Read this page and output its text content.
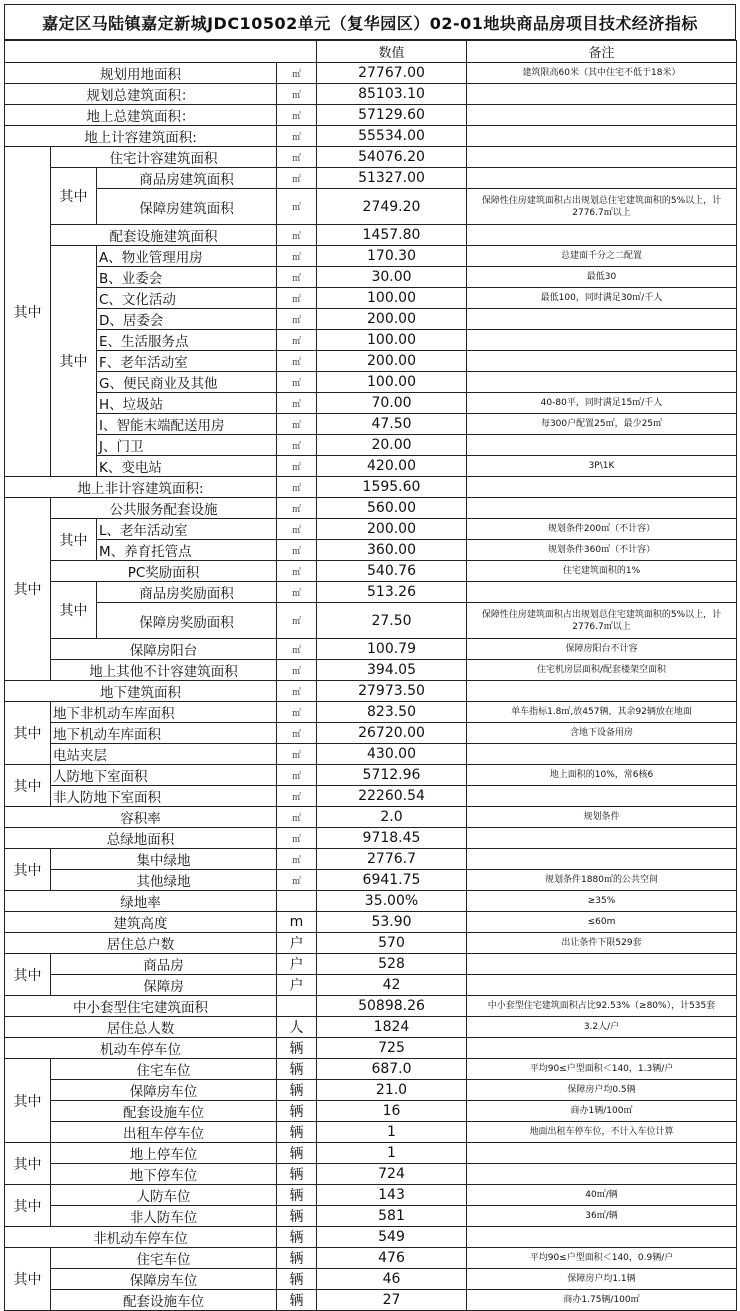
嘉定区马陆镇嘉定新城JDC10502单元（复华园区）02-01地块商品房项目技术经济指标
				数值	备注
规划用地面积			㎡	27767.00	建筑限高60米（其中住宅不低于18米）
规划总建筑面积：			㎡	85103.10	
地上总建筑面积：			㎡	57129.60	
地上计容建筑面积:			㎡	55534.00	
其中	住宅计容建筑面积		㎡	54076.20	
	其中	商品房建筑面积	㎡	51327.00	
		保障房建筑面积	㎡	2749.20	保障性住房建筑面积占出规划总住宅建筑面积的5%以上，计2776.7㎡以上
	配套设施建筑面积		㎡	1457.80	
	其中	A、物业管理用房	㎡	170.30	总建面千分之二配置
		B、业委会	㎡	30.00	最低30
		C、文化活动	㎡	100.00	最低100，同时满足30㎡/千人
		D、居委会	㎡	200.00	
		E、生活服务点	㎡	100.00	
		F、老年活动室	㎡	200.00	
		G、便民商业及其他	㎡	100.00	
		H、垃圾站	㎡	70.00	40-80平，同时满足15㎡/千人
		I、智能末端配送用房	㎡	47.50	每300户配置25㎡，最少25㎡
		J、门卫	㎡	20.00	
		K、变电站	㎡	420.00	3P\1K
地上非计容建筑面积:			㎡	1595.60	
其中	公共服务配套设施		㎡	560.00	
	其中	L、老年活动室	㎡	200.00	规划条件200㎡（不计容）
		M、养育托管点	㎡	360.00	规划条件360㎡（不计容）
	PC奖励面积		㎡	540.76	住宅建筑面积的1%
	其中	商品房奖励面积	㎡	513.26	
		保障房奖励面积	㎡	27.50	保障性住房建筑面积占出规划总住宅建筑面积的5%以上，计2776.7㎡以上
	保障房阳台		㎡	100.79	保障房阳台不计容
	地上其他不计容建筑面积		㎡	394.05	住宅机房层面积/配套楼架空面积
地下建筑面积			㎡	27973.50	
其中	地下非机动车库面积		㎡	823.50	单车指标1.8㎡,放457辆，其余92辆放在地面
	地下机动车库面积		㎡	26720.00	含地下设备用房
	电站夹层		㎡	430.00	
其中	人防地下室面积		㎡	5712.96	地上面积的10%，常6核6
	非人防地下室面积		㎡	22260.54	
容积率			㎡	2.0	规划条件
总绿地面积			㎡	9718.45	
其中	集中绿地		㎡	2776.7	
	其他绿地		㎡	6941.75	规划条件1880㎡的公共空间
绿地率				35.00%	≥35%
建筑高度			m	53.90	≤60m
居住总户数			户	570	出让条件下限529套
其中	商品房		户	528	
	保障房		户	42	
中小套型住宅建筑面积				50898.26	中小套型住宅建筑面积占比92.53%（≥80%），计535套
居住总人数			人	1824	3.2人/户
机动车停车位			辆	725	
其中	住宅车位		辆	687.0	平均90≤户型面积＜140，1.3辆/户
	保障房车位		辆	21.0	保障房户均0.5辆
	配套设施车位		辆	16	商办1辆/100㎡
	出租车停车位		辆	1	地面出租车停车位，不计入车位计算
其中	地上停车位		辆	1	
	地下停车位		辆	724	
其中	人防车位		辆	143	40㎡/辆
	非人防车位		辆	581	36㎡/辆
非机动车停车位			辆	549	
其中	住宅车位		辆	476	平均90≤户型面积＜140，0.9辆/户
	保障房车位		辆	46	保障房户均1.1辆
	配套设施车位		辆	27	商办1.75辆/100㎡
